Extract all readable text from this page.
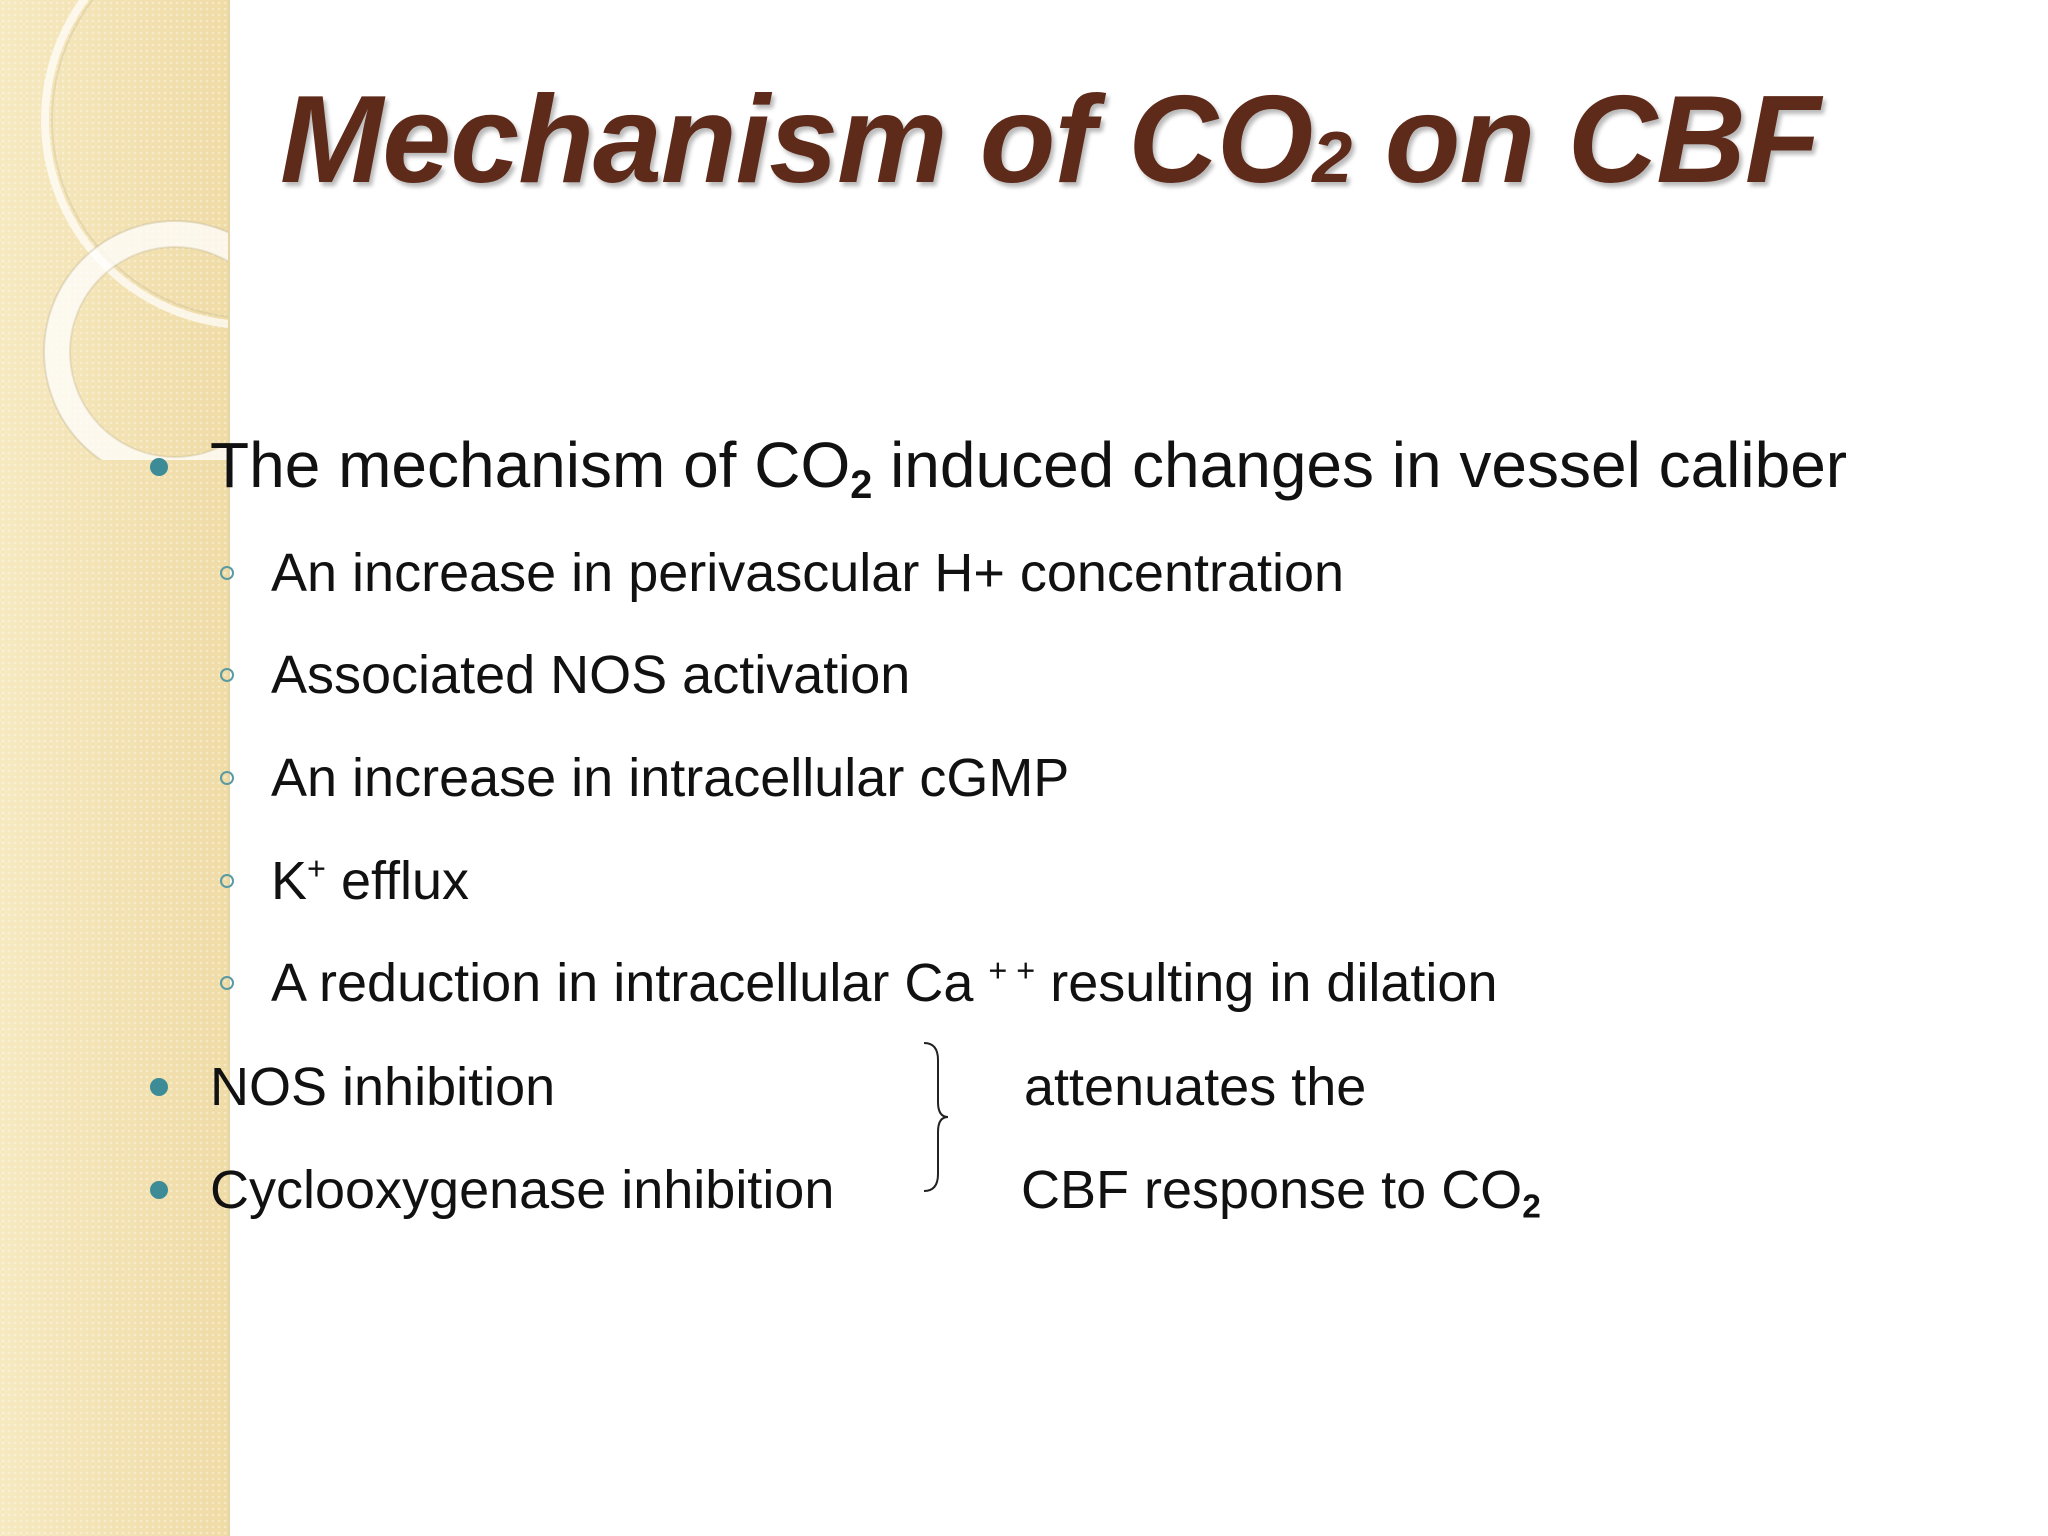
Mechanism of CO2 on CBF
The mechanism of CO2 induced changes in vessel caliber
An increase in perivascular H+ concentration
Associated NOS activation
An increase in intracellular cGMP
K+ efflux
A reduction in intracellular Ca + + resulting in dilation
NOS inhibition
Cyclooxygenase inhibition
attenuates the
CBF response to CO2
